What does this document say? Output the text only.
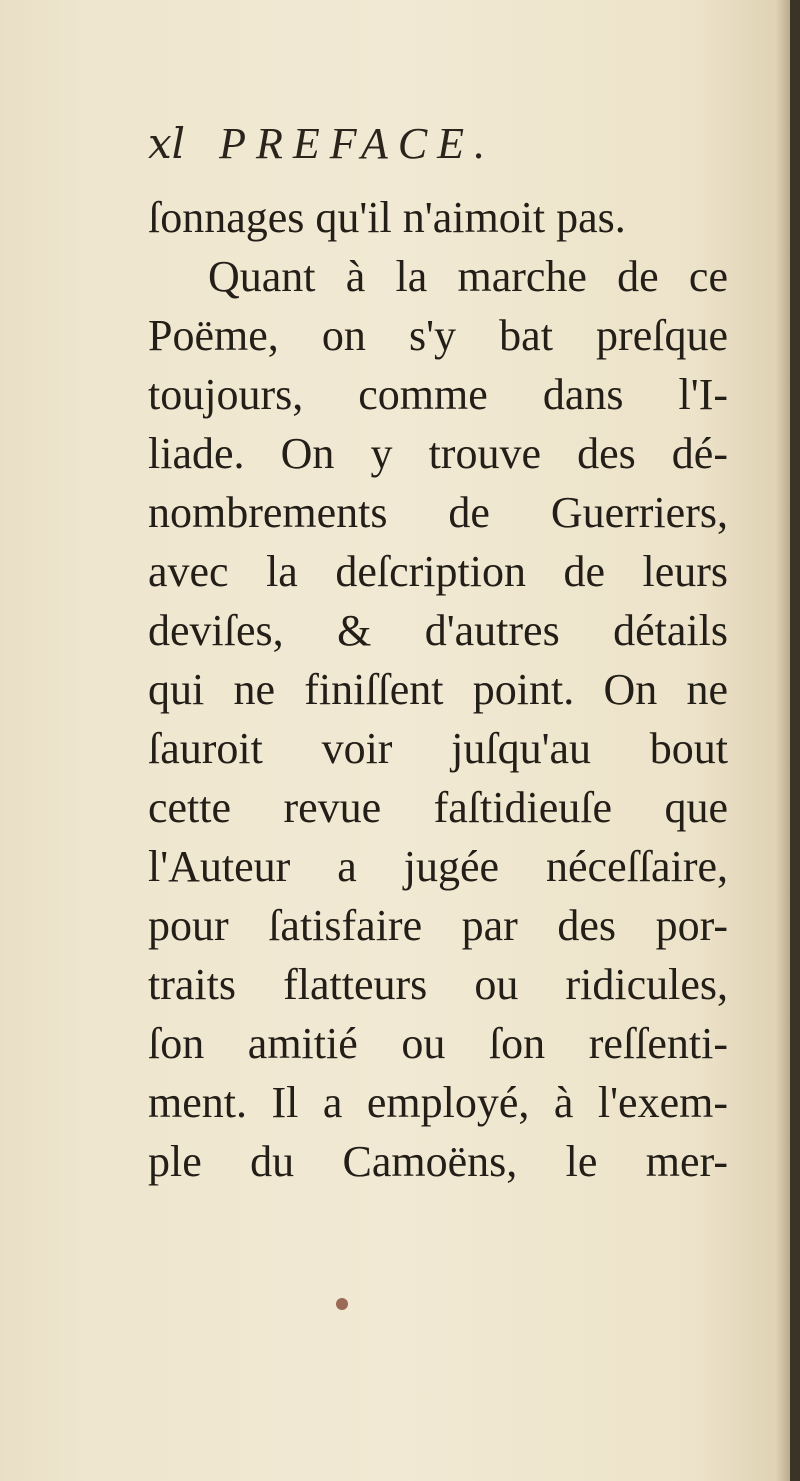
xl PREFACE.
ſonnages qu'il n'aimoit pas.
Quant à la marche de ce
Poëme, on s'y bat preſque
toujours, comme dans l'I-
liade. On y trouve des dé-
nombrements de Guerriers,
avec la deſcription de leurs
deviſes, & d'autres détails
qui ne finiſſent point. On ne
ſauroit voir juſqu'au bout
cette revue faſtidieuſe que
l'Auteur a jugée néceſſaire,
pour ſatisfaire par des por-
traits flatteurs ou ridicules,
ſon amitié ou ſon reſſenti-
ment. Il a employé, à l'exem-
ple du Camoëns, le mer-
